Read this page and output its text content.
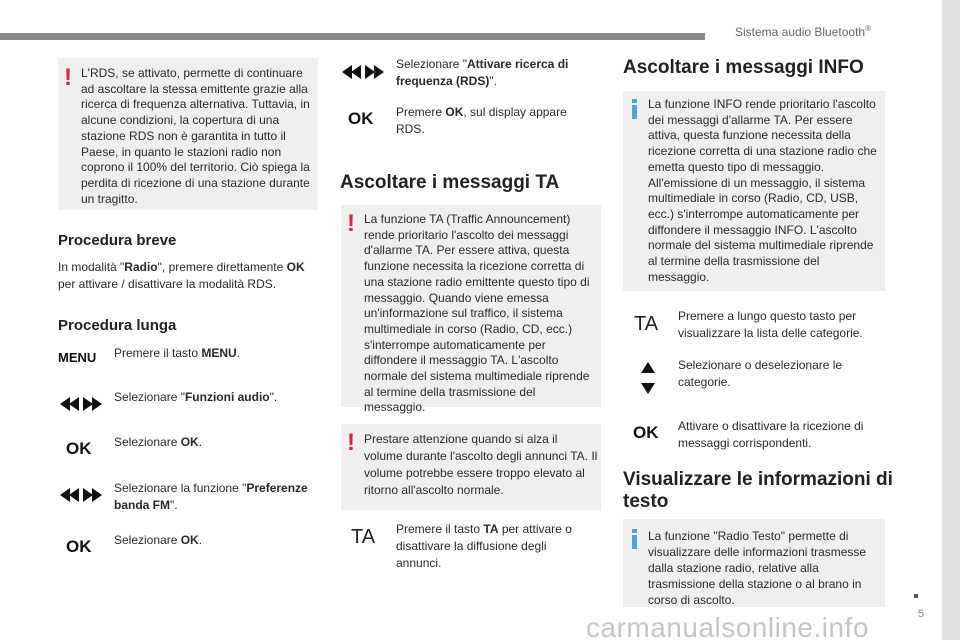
Sistema audio Bluetooth®
5
carmanualsonline.info
! L'RDS, se attivato, permette di continuare ad ascoltare la stessa emittente grazie alla ricerca di frequenza alternativa. Tuttavia, in alcune condizioni, la copertura di una stazione RDS non è garantita in tutto il Paese, in quanto le stazioni radio non coprono il 100% del territorio. Ciò spiega la perdita di ricezione di una stazione durante un tragitto.

Procedura breve
In modalità "Radio", premere direttamente OK per attivare / disattivare la modalità RDS.
Procedura lunga
MENU Premere il tasto MENU.
Selezionare "Funzioni audio".
OK Selezionare OK.
Selezionare la funzione "Preferenze banda FM".
OK Selezionare OK.
Selezionare "Attivare ricerca di frequenza (RDS)".
OK Premere OK, sul display appare RDS.
Ascoltare i messaggi TA
! La funzione TA (Traffic Announcement) rende prioritario l'ascolto dei messaggi d'allarme TA. Per essere attiva, questa funzione necessita la ricezione corretta di una stazione radio emittente questo tipo di messaggio. Quando viene emessa un'informazione sul traffico, il sistema multimediale in corso (Radio, CD, ecc.) s'interrompe automaticamente per diffondere il messaggio TA. L'ascolto normale del sistema multimediale riprende al termine della trasmissione del messaggio.

! Prestare attenzione quando si alza il volume durante l'ascolto degli annunci TA. Il volume potrebbe essere troppo elevato al ritorno all'ascolto normale.

TA Premere il tasto TA per attivare o disattivare la diffusione degli annunci.
Ascoltare i messaggi INFO

La funzione INFO rende prioritario l'ascolto dei messaggi d'allarme TA. Per essere attiva, questa funzione necessita della ricezione corretta di una stazione radio che emetta questo tipo di messaggio. All'emissione di un messaggio, il sistema multimediale in corso (Radio, CD, USB, ecc.) s'interrompe automaticamente per diffondere il messaggio INFO. L'ascolto normale del sistema multimediale riprende al termine della trasmissione del messaggio.

TA Premere a lungo questo tasto per visualizzare la lista delle categorie.
Selezionare o deselezionare le categorie.
OK Attivare o disattivare la ricezione di messaggi corrispondenti.
Visualizzare le informazioni di testo

La funzione "Radio Testo" permette di visualizzare delle informazioni trasmesse dalla stazione radio, relative alla trasmissione della stazione o al brano in corso di ascolto.
